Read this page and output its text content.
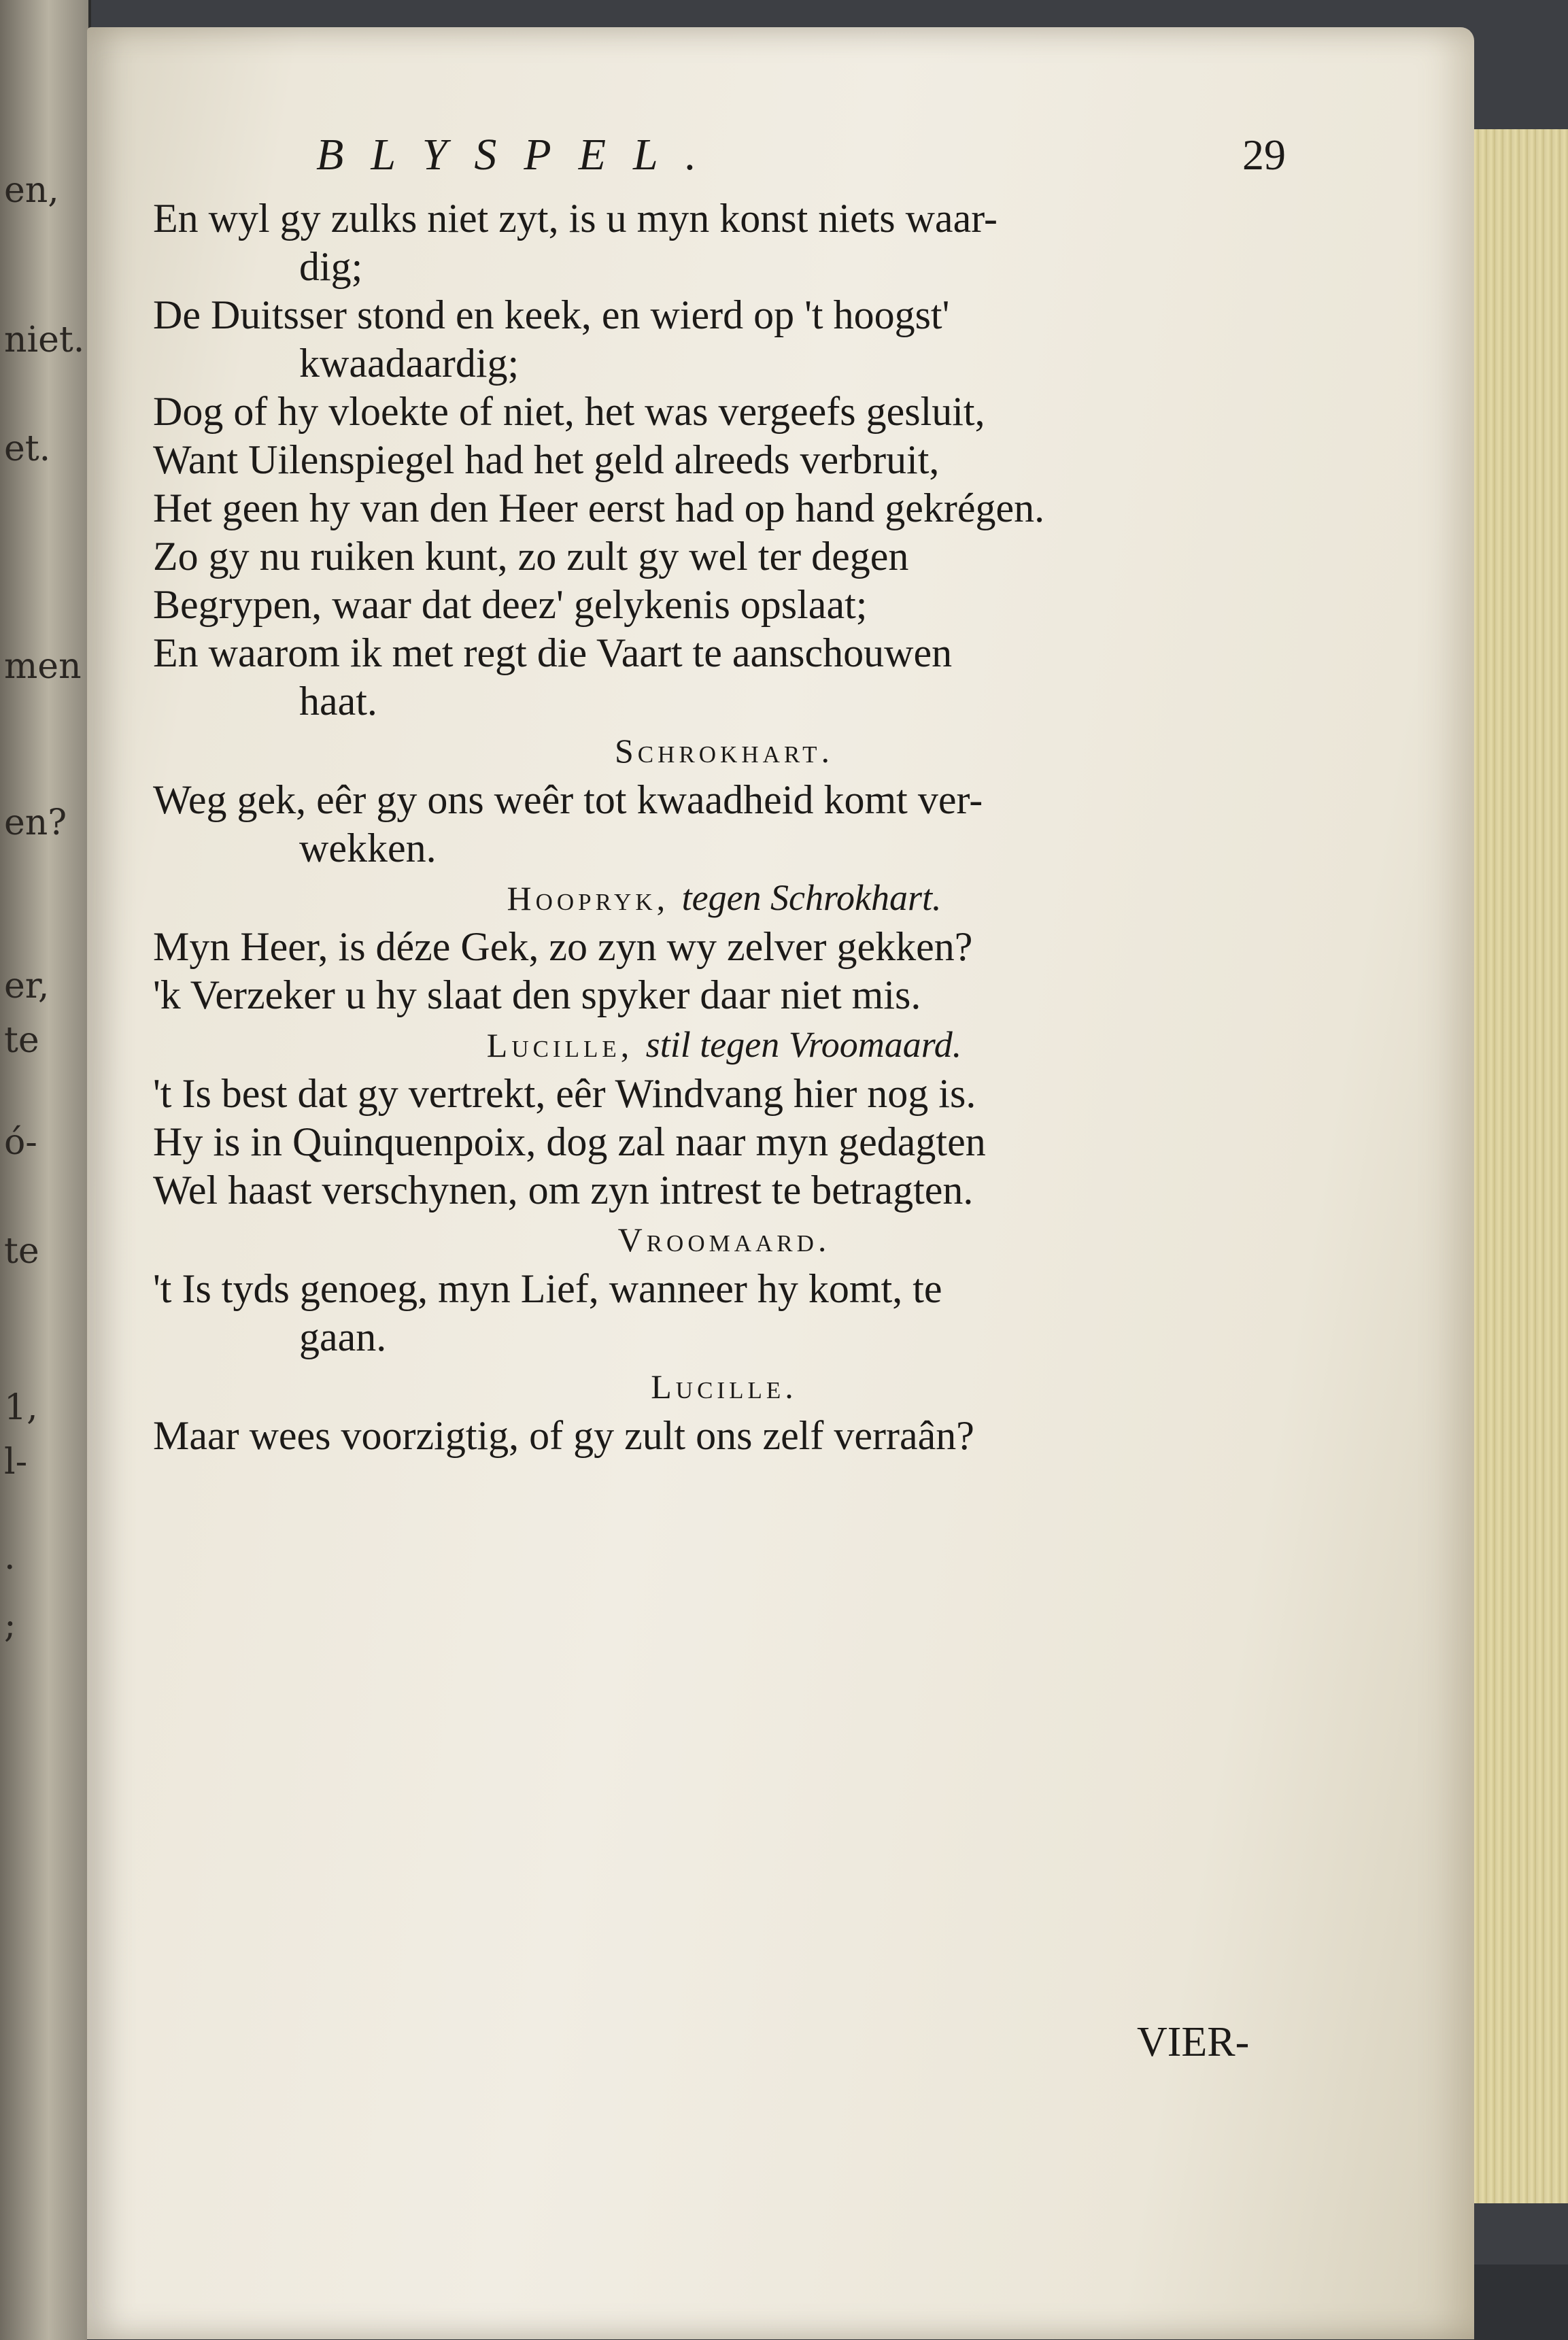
en,
niet.
et.
men
en?
er,
te
ó-
te
1,
l-
.
;
BLYSPEL.	29
En wyl gy zulks niet zyt, is u myn konst niets waar-
dig;
De Duitsser stond en keek, en wierd op 't hoogst'
kwaadaardig;
Dog of hy vloekte of niet, het was vergeefs gesluit,
Want Uilenspiegel had het geld alreeds verbruit,
Het geen hy van den Heer eerst had op hand gekrégen.
Zo gy nu ruiken kunt, zo zult gy wel ter degen
Begrypen, waar dat deez' gelykenis opslaat;
En waarom ik met regt die Vaart te aanschouwen
haat.
Schrokhart.
Weg gek, eêr gy ons weêr tot kwaadheid komt ver-
wekken.
Hoopryk, tegen Schrokhart.
Myn Heer, is déze Gek, zo zyn wy zelver gekken?
'k Verzeker u hy slaat den spyker daar niet mis.
Lucille, stil tegen Vroomaard.
't Is best dat gy vertrekt, eêr Windvang hier nog is.
Hy is in Quinquenpoix, dog zal naar myn gedagten
Wel haast verschynen, om zyn intrest te betragten.
Vroomaard.
't Is tyds genoeg, myn Lief, wanneer hy komt, te
gaan.
Lucille.
Maar wees voorzigtig, of gy zult ons zelf verraân?
VIER-
